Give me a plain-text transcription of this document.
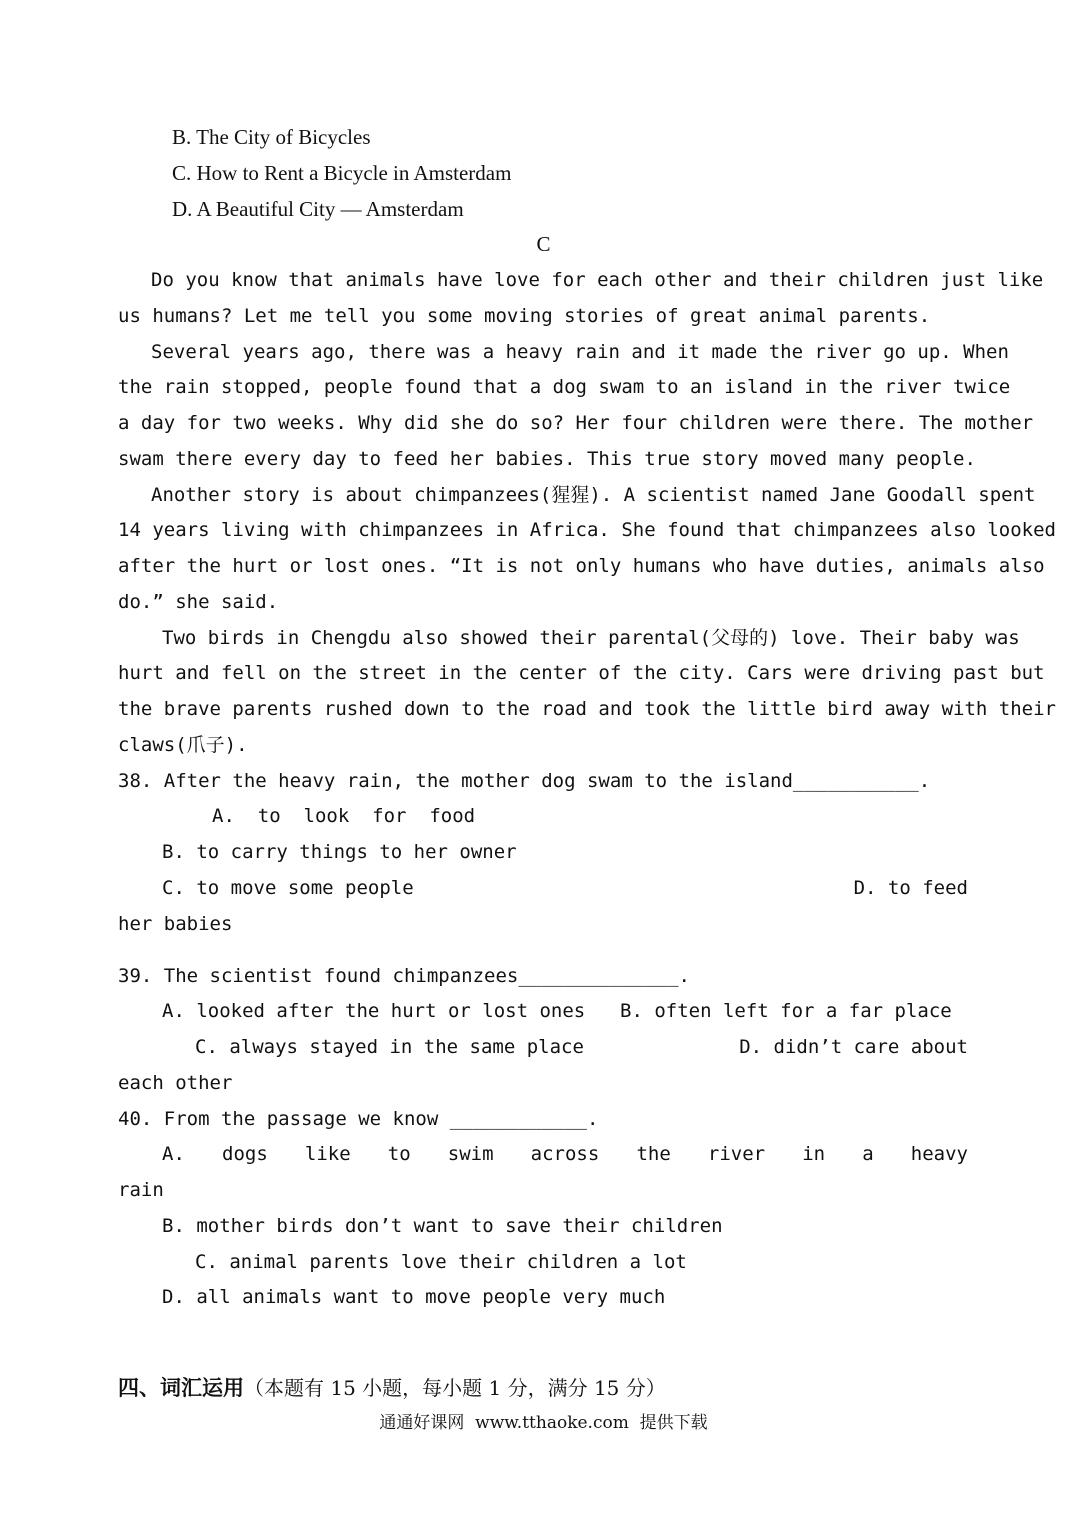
B. The City of Bicycles
C. How to Rent a Bicycle in Amsterdam
D. A Beautiful City — Amsterdam
C
Do you know that animals have love for each other and their children just like
us humans? Let me tell you some moving stories of great animal parents.
Several years ago, there was a heavy rain and it made the river go up. When
the rain stopped, people found that a dog swam to an island in the river twice
a day for two weeks. Why did she do so? Her four children were there. The mother
swam there every day to feed her babies. This true story moved many people.
Another story is about chimpanzees(猩猩). A scientist named Jane Goodall spent
14 years living with chimpanzees in Africa. She found that chimpanzees also looked
after the hurt or lost ones. “It is not only humans who have duties, animals also
do.” she said.
Two birds in Chengdu also showed their parental(父母的) love. Their baby was
hurt and fell on the street in the center of the city. Cars were driving past but
the brave parents rushed down to the road and took the little bird away with their
claws(爪子).
38. After the heavy rain, the mother dog swam to the island___________.
A.  to  look  for  food
B. to carry things to her owner
C. to move some people	D. to feed
her babies
39. The scientist found chimpanzees______________.
A. looked after the hurt or lost ones B. often left for a far place
C. always stayed in the same place	D. didn’t care about
each other
40. From the passage we know ____________.
A. dogs like to swim across the river in a heavy
rain
B. mother birds don’t want to save their children
C. animal parents love their children a lot
D. all animals want to move people very much
四、词汇运用（本题有 15 小题，每小题 1 分，满分 15 分）
通通好课网  www.tthaoke.com  提供下载
